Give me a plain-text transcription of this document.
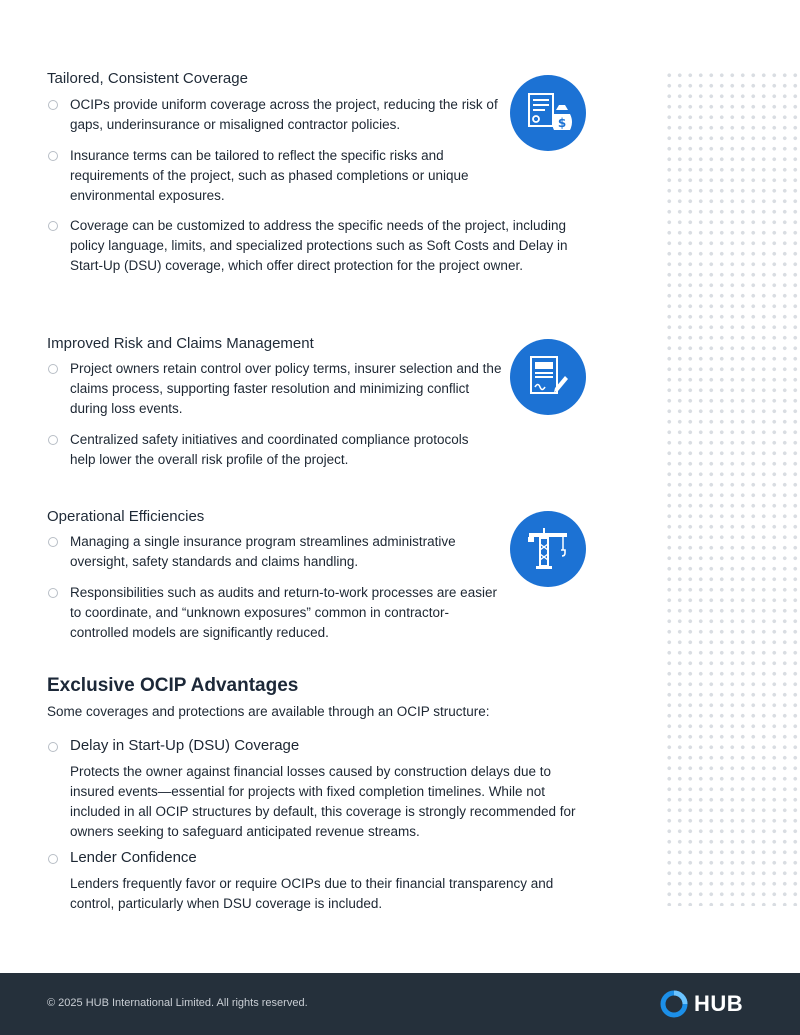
Tailored, Consistent Coverage
OCIPs provide uniform coverage across the project, reducing the risk of gaps, underinsurance or misaligned contractor policies.
Insurance terms can be tailored to reflect the specific risks and requirements of the project, such as phased completions or unique environmental exposures.
Coverage can be customized to address the specific needs of the project, including policy language, limits, and specialized protections such as Soft Costs and Delay in Start-Up (DSU) coverage, which offer direct protection for the project owner.
Improved Risk and Claims Management
Project owners retain control over policy terms, insurer selection and the claims process, supporting faster resolution and minimizing conflict during loss events.
Centralized safety initiatives and coordinated compliance protocols help lower the overall risk profile of the project.
Operational Efficiencies
Managing a single insurance program streamlines administrative oversight, safety standards and claims handling.
Responsibilities such as audits and return-to-work processes are easier to coordinate, and “unknown exposures” common in contractor-controlled models are significantly reduced.
Exclusive OCIP Advantages
Some coverages and protections are available through an OCIP structure:
Delay in Start-Up (DSU) Coverage
Protects the owner against financial losses caused by construction delays due to insured events—essential for projects with fixed completion timelines. While not included in all OCIP structures by default, this coverage is strongly recommended for owners seeking to safeguard anticipated revenue streams.
Lender Confidence
Lenders frequently favor or require OCIPs due to their financial transparency and control, particularly when DSU coverage is included.
$
© 2025 HUB International Limited. All rights reserved.	HUB
